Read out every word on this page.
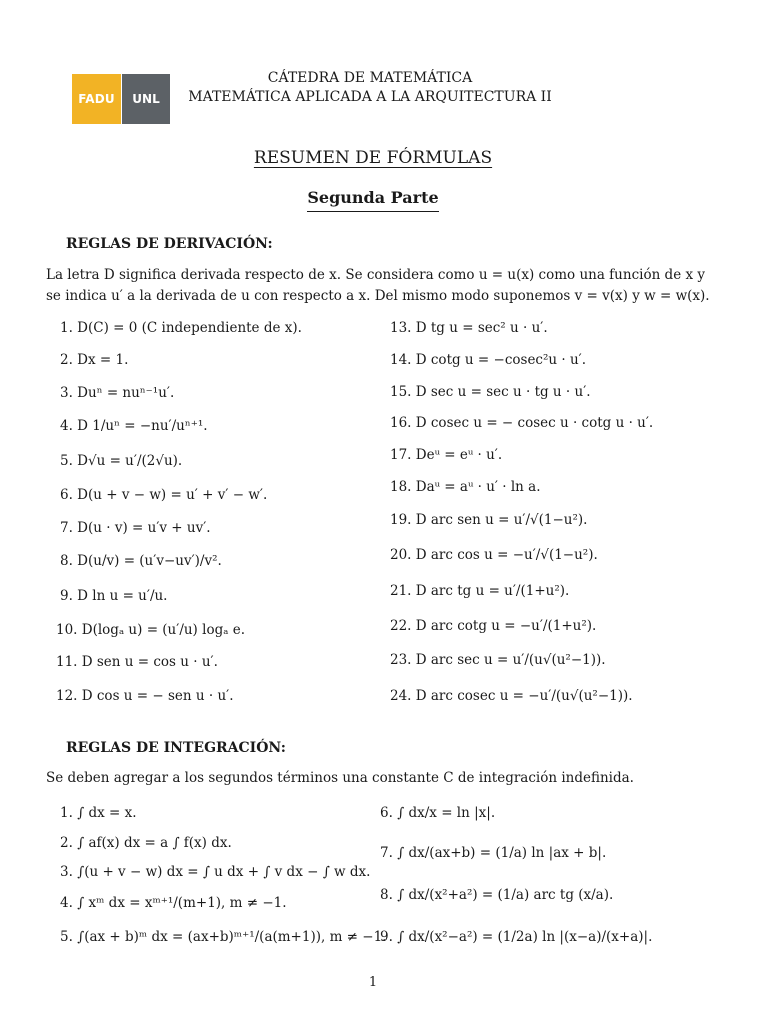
FADU	UNL
CÁTEDRA DE MATEMÁTICA
MATEMÁTICA APLICADA A LA ARQUITECTURA II
RESUMEN DE FÓRMULAS
Segunda Parte
REGLAS DE DERIVACIÓN:
La letra D significa derivada respecto de x. Se considera como u = u(x) como una función de x y se indica u′ a la derivada de u con respecto a x. Del mismo modo suponemos v = v(x) y w = w(x).
1. D(C) = 0 (C independiente de x).
2. Dx = 1.
3. Duⁿ = nuⁿ⁻¹u′.
4. D 1/uⁿ = −nu′/uⁿ⁺¹.
5. D√u = u′/(2√u).
6. D(u + v − w) = u′ + v′ − w′.
7. D(u · v) = u′v + uv′.
8. D(u/v) = (u′v−uv′)/v².
9. D ln u = u′/u.
10. D(logₐ u) = (u′/u) logₐ e.
11. D sen u = cos u · u′.
12. D cos u = − sen u · u′.
13. D tg u = sec² u · u′.
14. D cotg u = −cosec²u · u′.
15. D sec u = sec u · tg u · u′.
16. D cosec u = − cosec u · cotg u · u′.
17. Deᵘ = eᵘ · u′.
18. Daᵘ = aᵘ · u′ · ln a.
19. D arc sen u = u′/√(1−u²).
20. D arc cos u = −u′/√(1−u²).
21. D arc tg u = u′/(1+u²).
22. D arc cotg u = −u′/(1+u²).
23. D arc sec u = u′/(u√(u²−1)).
24. D arc cosec u = −u′/(u√(u²−1)).
REGLAS DE INTEGRACIÓN:
Se deben agregar a los segundos términos una constante C de integración indefinida.
1. ∫ dx = x.
2. ∫ af(x) dx = a ∫ f(x) dx.
3. ∫(u + v − w) dx = ∫ u dx + ∫ v dx − ∫ w dx.
4. ∫ xᵐ dx = xᵐ⁺¹/(m+1), m ≠ −1.
5. ∫(ax + b)ᵐ dx = (ax+b)ᵐ⁺¹/(a(m+1)), m ≠ −1.
6. ∫ dx/x = ln |x|.
7. ∫ dx/(ax+b) = (1/a) ln |ax + b|.
8. ∫ dx/(x²+a²) = (1/a) arc tg (x/a).
9. ∫ dx/(x²−a²) = (1/2a) ln |(x−a)/(x+a)|.
1
